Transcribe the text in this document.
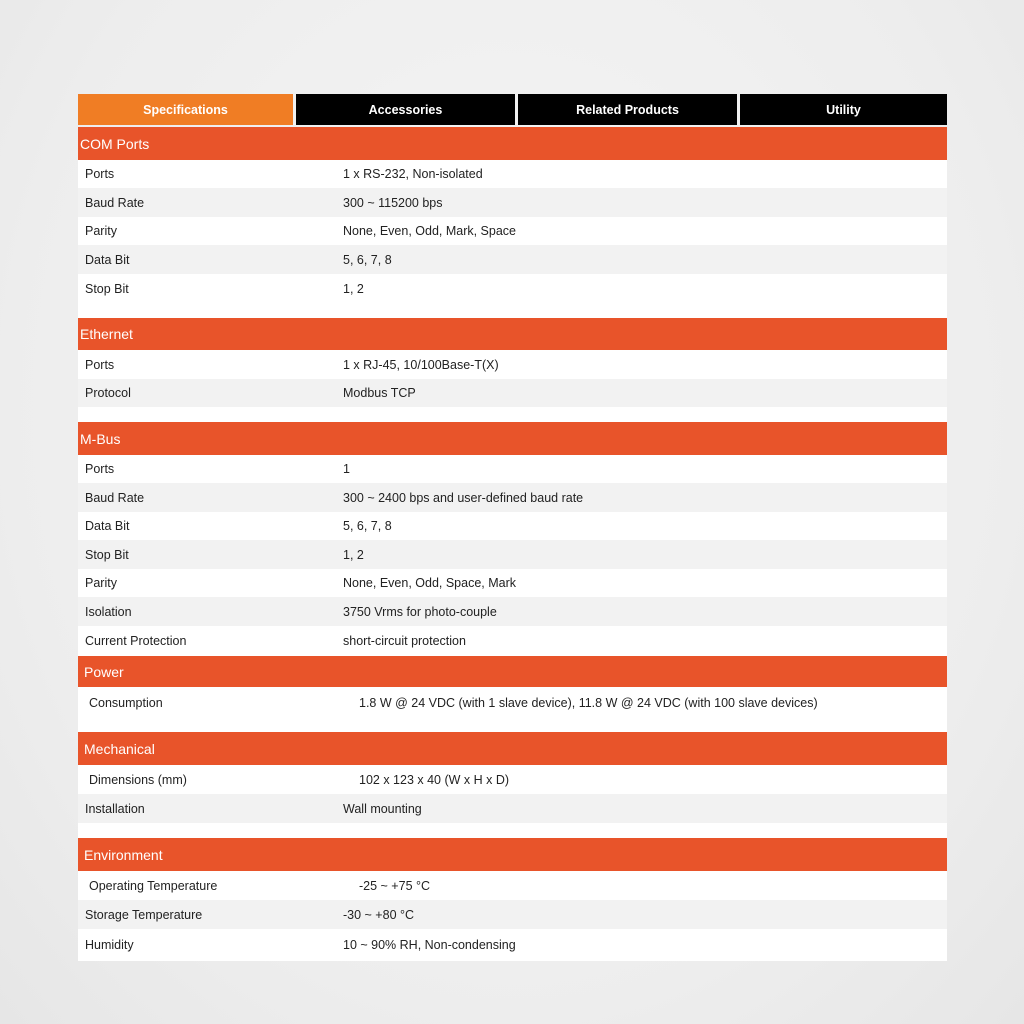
Specifications	Accessories	Related Products	Utility
COM Ports
Ports	1 x RS-232, Non-isolated
Baud Rate	300 ~ 115200 bps
Parity	None, Even, Odd, Mark, Space
Data Bit	5, 6, 7, 8
Stop Bit	1, 2
Ethernet
Ports	1 x RJ-45, 10/100Base-T(X)
Protocol	Modbus TCP
M-Bus
Ports	1
Baud Rate	300 ~ 2400 bps and user-defined baud rate
Data Bit	5, 6, 7, 8
Stop Bit	1, 2
Parity	None, Even, Odd, Space, Mark
Isolation	3750 Vrms for photo-couple
Current Protection	short-circuit protection
Power
Consumption	1.8 W @ 24 VDC (with 1 slave device), 11.8 W @ 24 VDC (with 100 slave devices)
Mechanical
Dimensions (mm)	102 x 123 x 40 (W x H x D)
Installation	Wall mounting
Environment
Operating Temperature	-25 ~ +75 °C
Storage Temperature	-30 ~ +80 °C
Humidity	10 ~ 90% RH, Non-condensing
